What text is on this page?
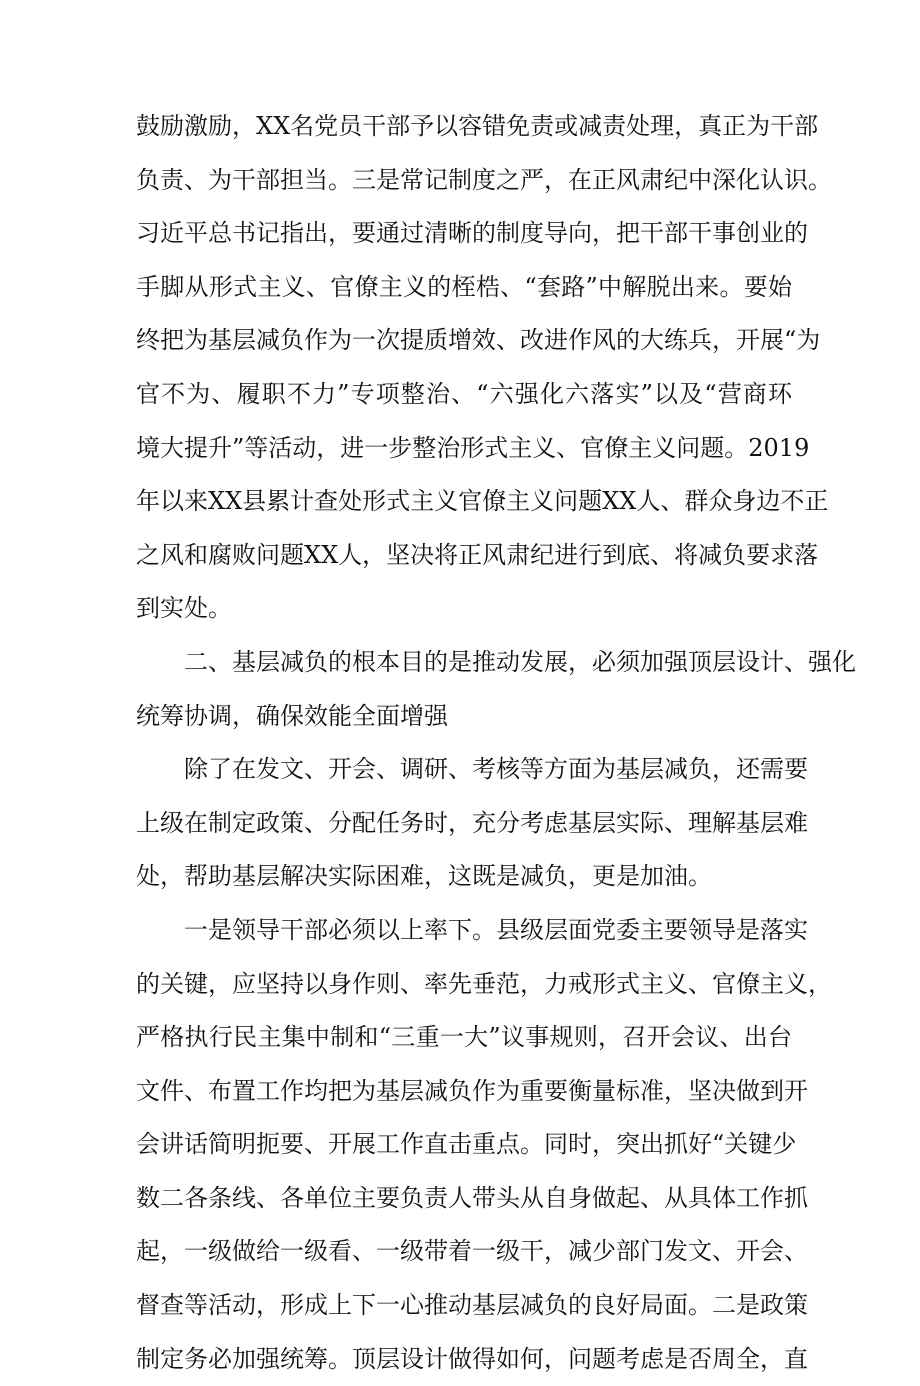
鼓励激励，XX名党员干部予以容错免责或减责处理，真正为干部
负责、为干部担当。三是常记制度之严，在正风肃纪中深化认识。
习近平总书记指出，要通过清晰的制度导向，把干部干事创业的
手脚从形式主义、官僚主义的桎梏、“套路”中解脱出来。要始
终把为基层减负作为一次提质增效、改进作风的大练兵，开展“为
官不为、履职不力”专项整治、“六强化六落实”以及“营商环
境大提升”等活动，进一步整治形式主义、官僚主义问题。2019
年以来XX县累计查处形式主义官僚主义问题XX人、群众身边不正
之风和腐败问题XX人，坚决将正风肃纪进行到底、将减负要求落
到实处。
二、基层减负的根本目的是推动发展，必须加强顶层设计、强化
统筹协调，确保效能全面增强
除了在发文、开会、调研、考核等方面为基层减负，还需要
上级在制定政策、分配任务时，充分考虑基层实际、理解基层难
处，帮助基层解决实际困难，这既是减负，更是加油。
一是领导干部必须以上率下。县级层面党委主要领导是落实
的关键，应坚持以身作则、率先垂范，力戒形式主义、官僚主义，
严格执行民主集中制和“三重一大”议事规则，召开会议、出台
文件、布置工作均把为基层减负作为重要衡量标准，坚决做到开
会讲话简明扼要、开展工作直击重点。同时，突出抓好“关键少
数二各条线、各单位主要负责人带头从自身做起、从具体工作抓
起，一级做给一级看、一级带着一级干，减少部门发文、开会、
督查等活动，形成上下一心推动基层减负的良好局面。二是政策
制定务必加强统筹。顶层设计做得如何，问题考虑是否周全，直
